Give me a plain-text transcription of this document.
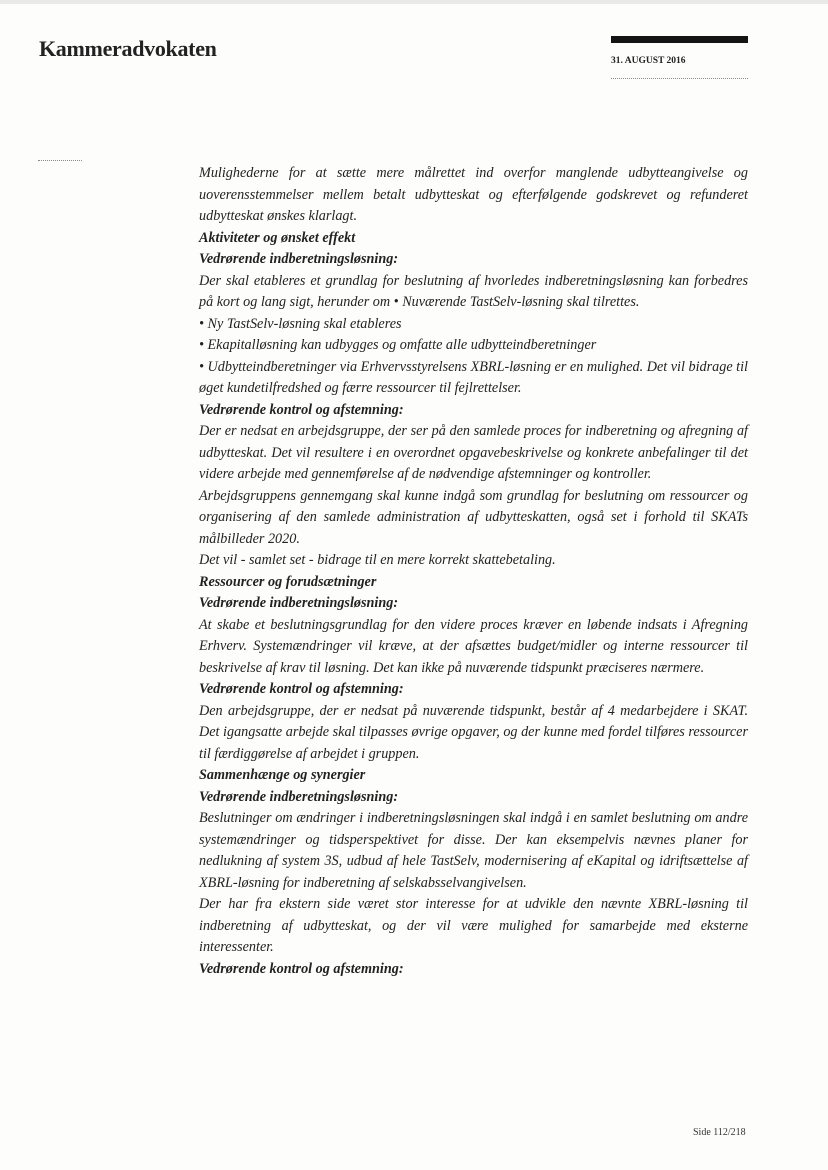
Kammeradvokaten	31. AUGUST 2016
Mulighederne for at sætte mere målrettet ind overfor manglende udbytteangivelse og uoverensstemmelser mellem betalt udbytteskat og efterfølgende godskrevet og refunderet udbytteskat ønskes klarlagt.
Aktiviteter og ønsket effekt
Vedrørende indberetningsløsning:
Der skal etableres et grundlag for beslutning af hvorledes indberetningsløsning kan forbedres på kort og lang sigt, herunder om • Nuværende TastSelv-løsning skal tilrettes.
• Ny TastSelv-løsning skal etableres
• Ekapitalløsning kan udbygges og omfatte alle udbytteindberetninger
• Udbytteindberetninger via Erhvervsstyrelsens XBRL-løsning er en mulighed. Det vil bidrage til øget kundetilfredshed og færre ressourcer til fejlrettelser.
Vedrørende kontrol og afstemning:
Der er nedsat en arbejdsgruppe, der ser på den samlede proces for indberetning og afregning af udbytteskat. Det vil resultere i en overordnet opgavebeskrivelse og konkrete anbefalinger til det videre arbejde med gennemførelse af de nødvendige afstemninger og kontroller.
Arbejdsgruppens gennemgang skal kunne indgå som grundlag for beslutning om ressourcer og organisering af den samlede administration af udbytteskatten, også set i forhold til SKATs målbilleder 2020.
Det vil - samlet set - bidrage til en mere korrekt skattebetaling.
Ressourcer og forudsætninger
Vedrørende indberetningsløsning:
At skabe et beslutningsgrundlag for den videre proces kræver en løbende indsats i Afregning Erhverv. Systemændringer vil kræve, at der afsættes budget/midler og interne ressourcer til beskrivelse af krav til løsning. Det kan ikke på nuværende tidspunkt præciseres nærmere.
Vedrørende kontrol og afstemning:
Den arbejdsgruppe, der er nedsat på nuværende tidspunkt, består af 4 medarbejdere i SKAT. Det igangsatte arbejde skal tilpasses øvrige opgaver, og der kunne med fordel tilføres ressourcer til færdiggørelse af arbejdet i gruppen.
Sammenhænge og synergier
Vedrørende indberetningsløsning:
Beslutninger om ændringer i indberetningsløsningen skal indgå i en samlet beslutning om andre systemændringer og tidsperspektivet for disse. Der kan eksempelvis nævnes planer for nedlukning af system 3S, udbud af hele TastSelv, modernisering af eKapital og idriftsættelse af XBRL-løsning for indberetning af selskabsselvangivelsen.
Der har fra ekstern side været stor interesse for at udvikle den nævnte XBRL-løsning til indberetning af udbytteskat, og der vil være mulighed for samarbejde med eksterne interessenter.
Vedrørende kontrol og afstemning:
Side 112/218
